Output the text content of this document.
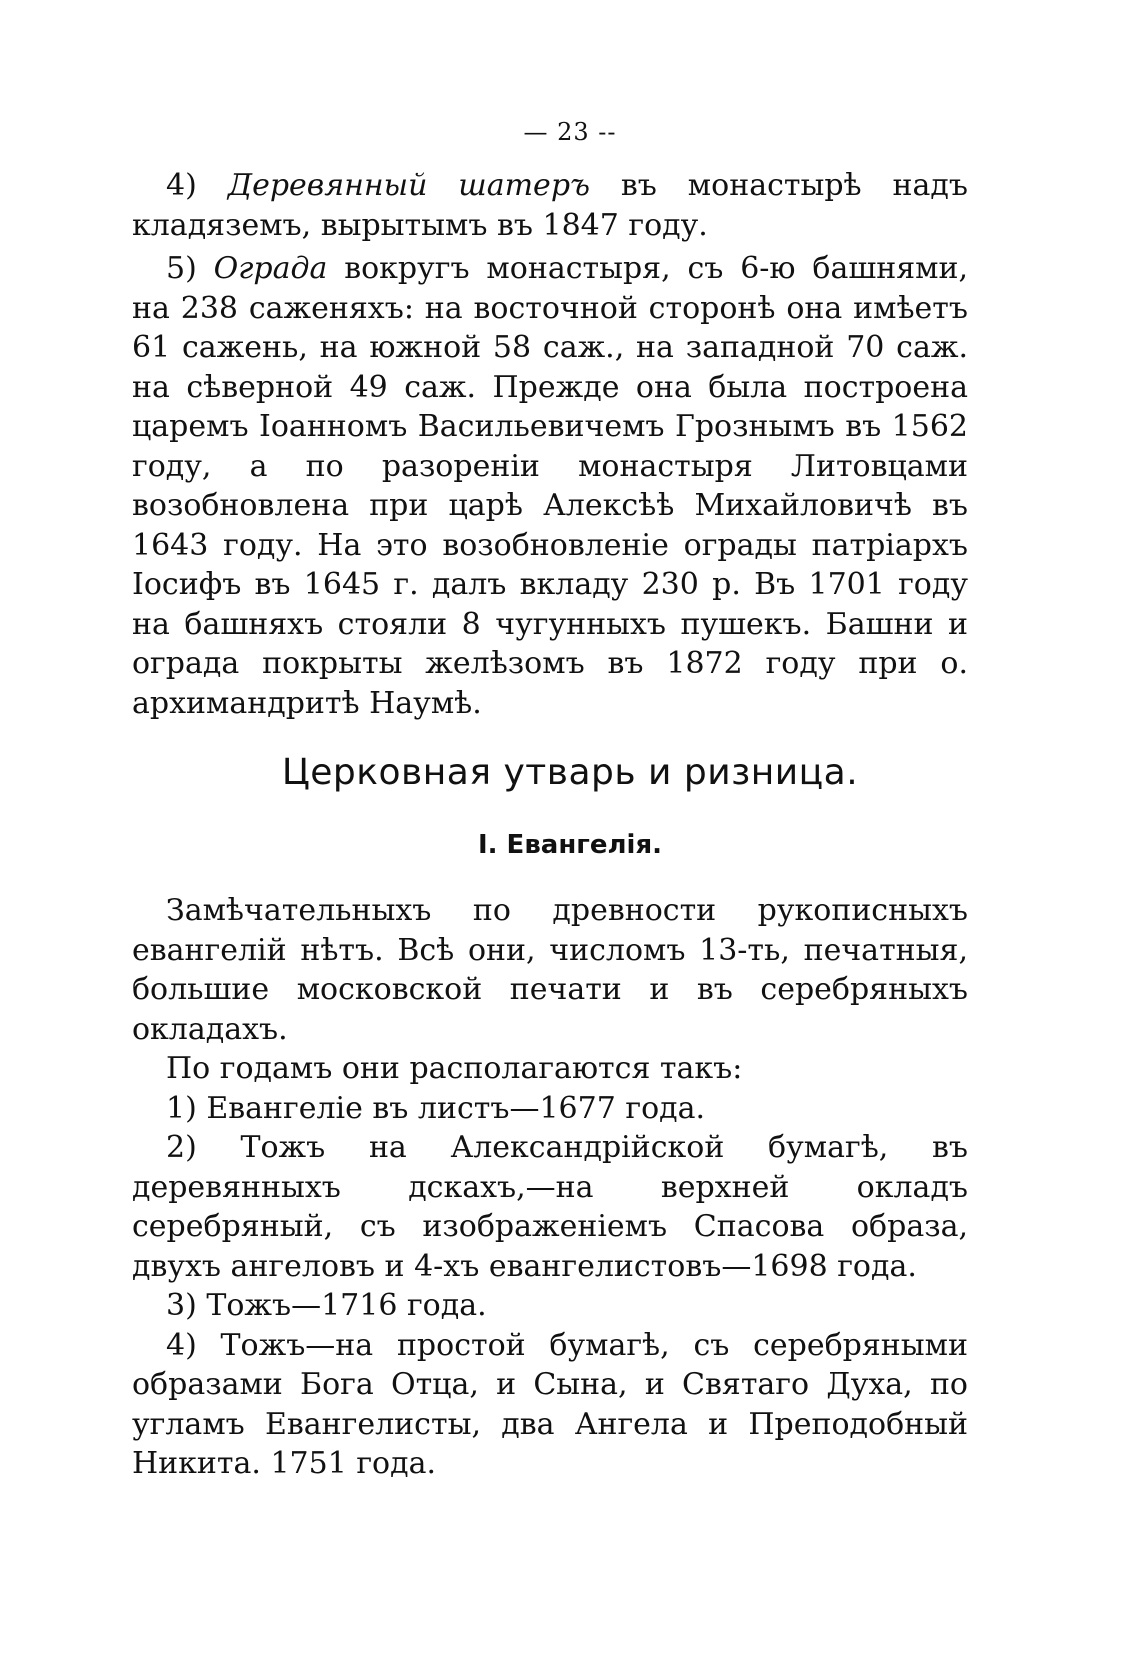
— 23 --

4) Деревянный шатеръ въ монастырѣ надъ кладяземъ, вырытымъ въ 1847 году.

5) Ограда вокругъ монастыря, съ 6-ю башнями, на 238 саженяхъ: на восточной сторонѣ она имѣетъ 61 сажень, на южной 58 саж., на западной 70 саж. на сѣверной 49 саж. Прежде она была построена царемъ Іоанномъ Васильевичемъ Грознымъ въ 1562 году, а по разореніи монастыря Литовцами возобновлена при царѣ Алексѣѣ Михайловичѣ въ 1643 году. На это возобновленіе ограды патріархъ Іосифъ въ 1645 г. далъ вкладу 230 р. Въ 1701 году на башняхъ стояли 8 чугунныхъ пушекъ. Башни и ограда покрыты желѣзомъ въ 1872 году при о. архимандритѣ Наумѣ.

Церковная утварь и ризница.
I. Евангелія.

Замѣчательныхъ по древности рукописныхъ евангелій нѣтъ. Всѣ они, числомъ 13-ть, печатныя, большие московской печати и въ серебряныхъ окладахъ.

По годамъ они располагаются такъ:

1) Евангеліе въ листъ—1677 года.

2) Тожъ на Александрійской бумагѣ, въ деревянныхъ дскахъ,—на верхней окладъ серебряный, съ изображеніемъ Спасова образа, двухъ ангеловъ и 4-хъ евангелистовъ—1698 года.

3) Тожъ—1716 года.

4) Тожъ—на простой бумагѣ, съ серебряными образами Бога Отца, и Сына, и Святаго Духа, по угламъ Евангелисты, два Ангела и Преподобный Никита. 1751 года.
